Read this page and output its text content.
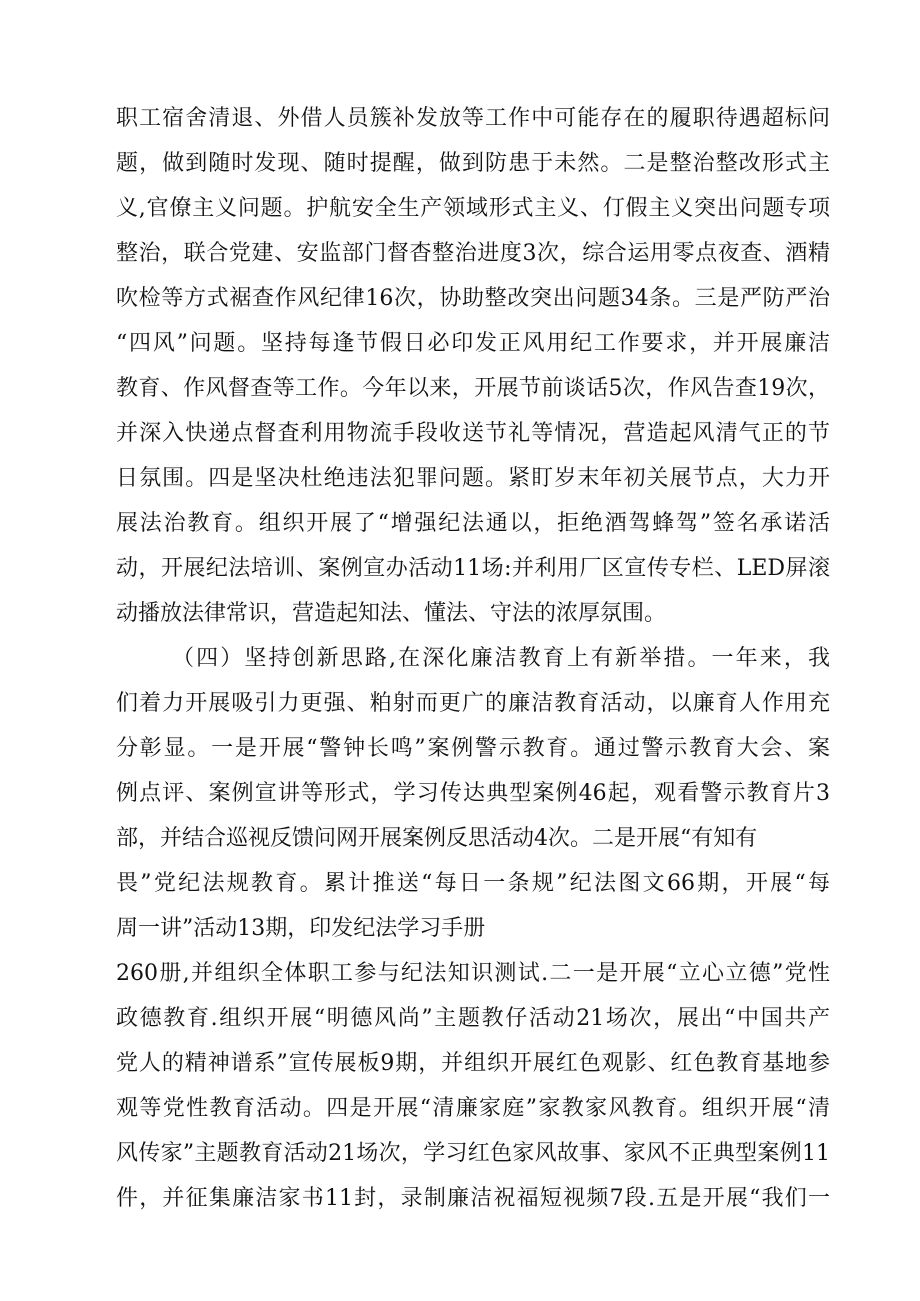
职工宿舍清退、外借人员簇补发放等工作中可能存在的履职待遇超标问
题，做到随时发现、随时提醒，做到防患于未然。二是整治整改形式主
义,官僚主义问题。护航安全生产领域形式主义、仃假主义突出问题专项
整治，联合党建、安监部门督杳整治进度3次，综合运用零点夜查、酒精
吹检等方式裾查作风纪律16次，协助整改突出问题34条。三是严防严治
“四风”问题。坚持每逢节假日必印发正风用纪工作要求，并开展廉洁
教育、作风督查等工作。今年以来，开展节前谈话5次，作风告查19次，
并深入快递点督査利用物流手段收送节礼等情况，营造起风清气正的节
日氛围。四是坚决杜绝违法犯罪问题。紧盯岁末年初关展节点，大力开
展法治教育。组织开展了“增强纪法通以，拒绝酒驾蜂驾”签名承诺活
动，开展纪法培训、案例宣办活动11场:并利用厂区宣传专栏、LED屏滚
动播放法律常识，营造起知法、懂法、守法的浓厚氛围。
（四）坚持创新思路,在深化廉洁教育上有新举措。一年来，我
们着力开展吸引力更强、粕射而更广的廉洁教育活动，以廉育人作用充
分彰显。一是开展“警钟长鸣”案例警示教育。通过警示教育大会、案
例点评、案例宣讲等形式，学习传达典型案例46起，观看警示教育片3
部，并结合巡视反馈问网开展案例反思活动4次。二是开展“有知有
畏”党纪法规教育。累计推送“每日一条规”纪法图文66期，开展“每
周一讲”活动13期，印发纪法学习手册
260册,并组织全体职工参与纪法知识测试.二一是开展“立心立德”党性
政德教育.组织开展“明德风尚”主题教仔活动21场次，展出“中国共产
党人的精神谱系”宣传展板9期，并组织开展红色观影、红色教育基地参
观等党性教育活动。四是开展“清廉家庭”家教家风教育。组织开展“清
风传家”主题教育活动21场次，学习红色家风故事、家风不正典型案例11
件，并征集廉洁家书11封，录制廉洁祝福短视频7段.五是开展“我们一
